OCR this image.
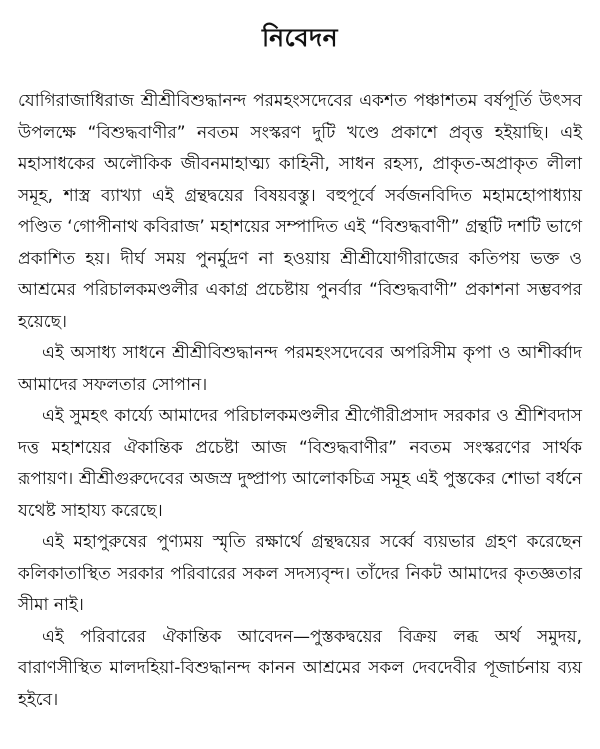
নিবেদন

যোগিরাজাধিরাজ শ্রীশ্রীবিশুদ্ধানন্দ পরমহংসদেবের একশত পঞ্চাশতম বর্ষপূর্তি উৎসব উপলক্ষে “বিশুদ্ধবাণীর” নবতম সংস্করণ দুটি খণ্ডে প্রকাশে প্রবৃত্ত হইয়াছি। এই মহাসাধকের অলৌকিক জীবনমাহাত্ম্য কাহিনী, সাধন রহস্য, প্রাকৃত-অপ্রাকৃত লীলা সমূহ, শাস্ত্র ব্যাখ্যা এই গ্রন্থদ্বয়ের বিষয়বস্তু। বহুপূর্বে সর্বজনবিদিত মহামহোপাধ্যায় পণ্ডিত ‘গোপীনাথ কবিরাজ’ মহাশয়ের সম্পাদিত এই “বিশুদ্ধবাণী” গ্রন্থটি দশটি ভাগে প্রকাশিত হয়। দীর্ঘ সময় পুনর্মুদ্রণ না হওয়ায় শ্রীশ্রীযোগীরাজের কতিপয় ভক্ত ও আশ্রমের পরিচালকমণ্ডলীর একাগ্র প্রচেষ্টায় পুনর্বার “বিশুদ্ধবাণী” প্রকাশনা সম্ভবপর হয়েছে।

এই অসাধ্য সাধনে শ্রীশ্রীবিশুদ্ধানন্দ পরমহংসদেবের অপরিসীম কৃপা ও আশীর্ব্বাদ আমাদের সফলতার সোপান।

এই সুমহৎ কার্য্যে আমাদের পরিচালকমণ্ডলীর শ্রীগৌরীপ্রসাদ সরকার ও শ্রীশিবদাস দত্ত মহাশয়ের ঐকান্তিক প্রচেষ্টা আজ “বিশুদ্ধবাণীর” নবতম সংস্করণের সার্থক রূপায়ণ। শ্রীশ্রীগুরুদেবের অজস্র দুষ্প্রাপ্য আলোকচিত্র সমূহ এই পুস্তকের শোভা বর্ধনে যথেষ্ট সাহায্য করেছে।

এই মহাপুরুষের পুণ্যময় স্মৃতি রক্ষার্থে গ্রন্থদ্বয়ের সর্ব্বে ব্যয়ভার গ্রহণ করেছেন কলিকাতাস্থিত সরকার পরিবারের সকল সদস্যবৃন্দ। তাঁদের নিকট আমাদের কৃতজ্ঞতার সীমা নাই।

এই পরিবারের ঐকান্তিক আবেদন—পুস্তকদ্বয়ের বিক্রয় লব্ধ অর্থ সমুদয়, বারাণসীস্থিত মালদহিয়া-বিশুদ্ধানন্দ কানন আশ্রমের সকল দেবদেবীর পূজার্চনায় ব্যয় হইবে।
